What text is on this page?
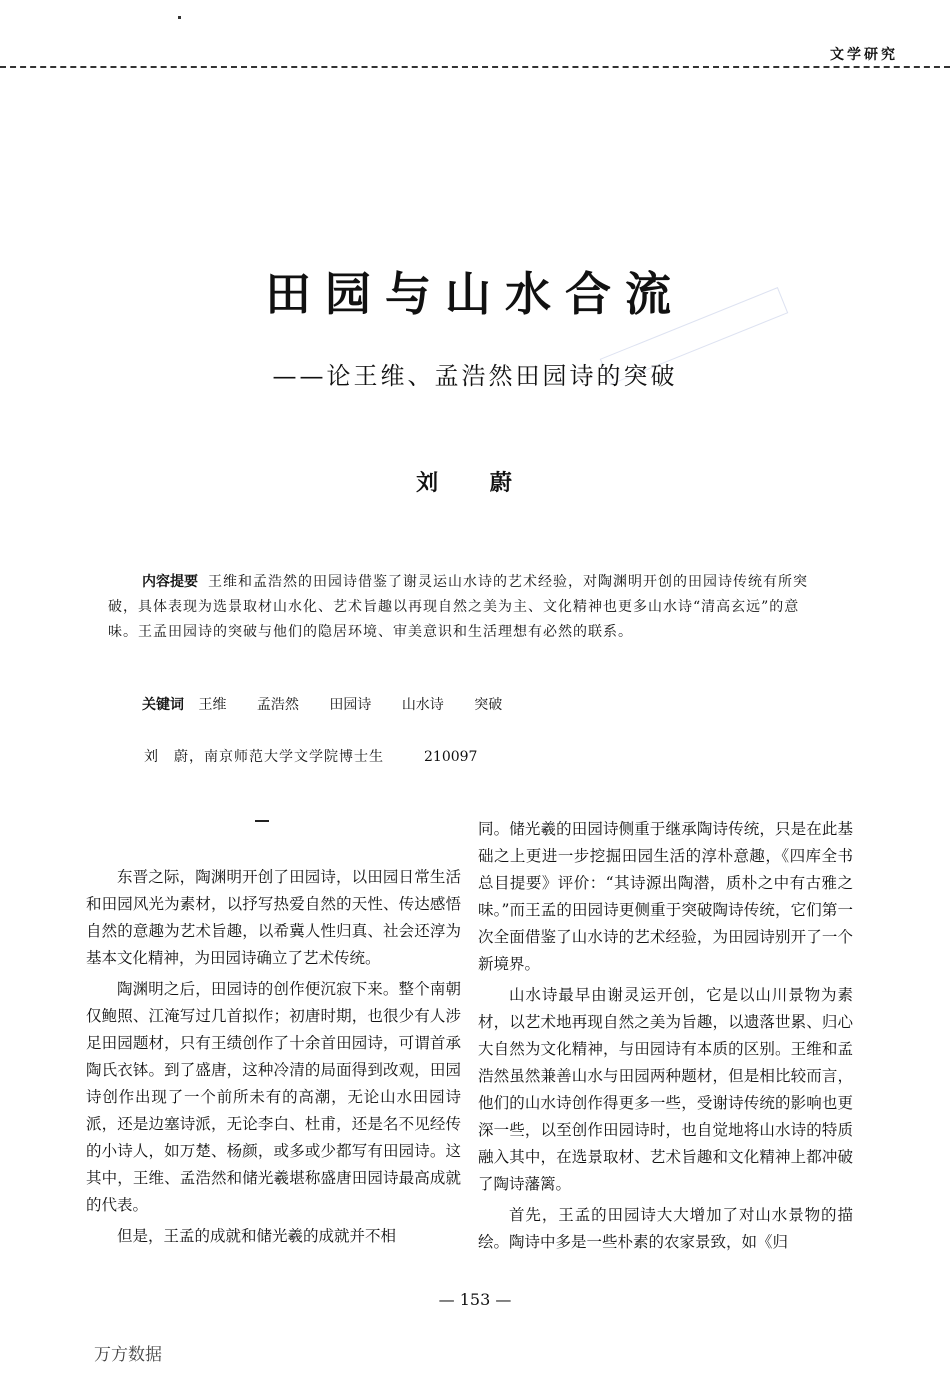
文学研究
田园与山水合流
——论王维、孟浩然田园诗的突破
刘 蔚
内容提要 王维和孟浩然的田园诗借鉴了谢灵运山水诗的艺术经验，对陶渊明开创的田园诗传统有所突破，具体表现为选景取材山水化、艺术旨趣以再现自然之美为主、文化精神也更多山水诗“清高玄远”的意味。王孟田园诗的突破与他们的隐居环境、审美意识和生活理想有必然的联系。
关键词 王维 孟浩然 田园诗 山水诗 突破
刘　蔚，南京师范大学文学院博士生	210097

东晋之际，陶渊明开创了田园诗，以田园日常生活和田园风光为素材，以抒写热爱自然的天性、传达感悟自然的意趣为艺术旨趣，以希冀人性归真、社会还淳为基本文化精神，为田园诗确立了艺术传统。

陶渊明之后，田园诗的创作便沉寂下来。整个南朝仅鲍照、江淹写过几首拟作；初唐时期，也很少有人涉足田园题材，只有王绩创作了十余首田园诗，可谓首承陶氏衣钵。到了盛唐，这种冷清的局面得到改观，田园诗创作出现了一个前所未有的高潮，无论山水田园诗派，还是边塞诗派，无论李白、杜甫，还是名不见经传的小诗人，如万楚、杨颜，或多或少都写有田园诗。这其中，王维、孟浩然和储光羲堪称盛唐田园诗最高成就的代表。

但是，王孟的成就和储光羲的成就并不相

同。储光羲的田园诗侧重于继承陶诗传统，只是在此基础之上更进一步挖掘田园生活的淳朴意趣，《四库全书总目提要》评价：“其诗源出陶潜，质朴之中有古雅之味。”而王孟的田园诗更侧重于突破陶诗传统，它们第一次全面借鉴了山水诗的艺术经验，为田园诗别开了一个新境界。

山水诗最早由谢灵运开创，它是以山川景物为素材，以艺术地再现自然之美为旨趣，以遗落世累、归心大自然为文化精神，与田园诗有本质的区别。王维和孟浩然虽然兼善山水与田园两种题材，但是相比较而言，他们的山水诗创作得更多一些，受谢诗传统的影响也更深一些，以至创作田园诗时，也自觉地将山水诗的特质融入其中，在选景取材、艺术旨趣和文化精神上都冲破了陶诗藩篱。

首先，王孟的田园诗大大增加了对山水景物的描绘。陶诗中多是一些朴素的农家景致，如《归

— 153 —
万方数据
